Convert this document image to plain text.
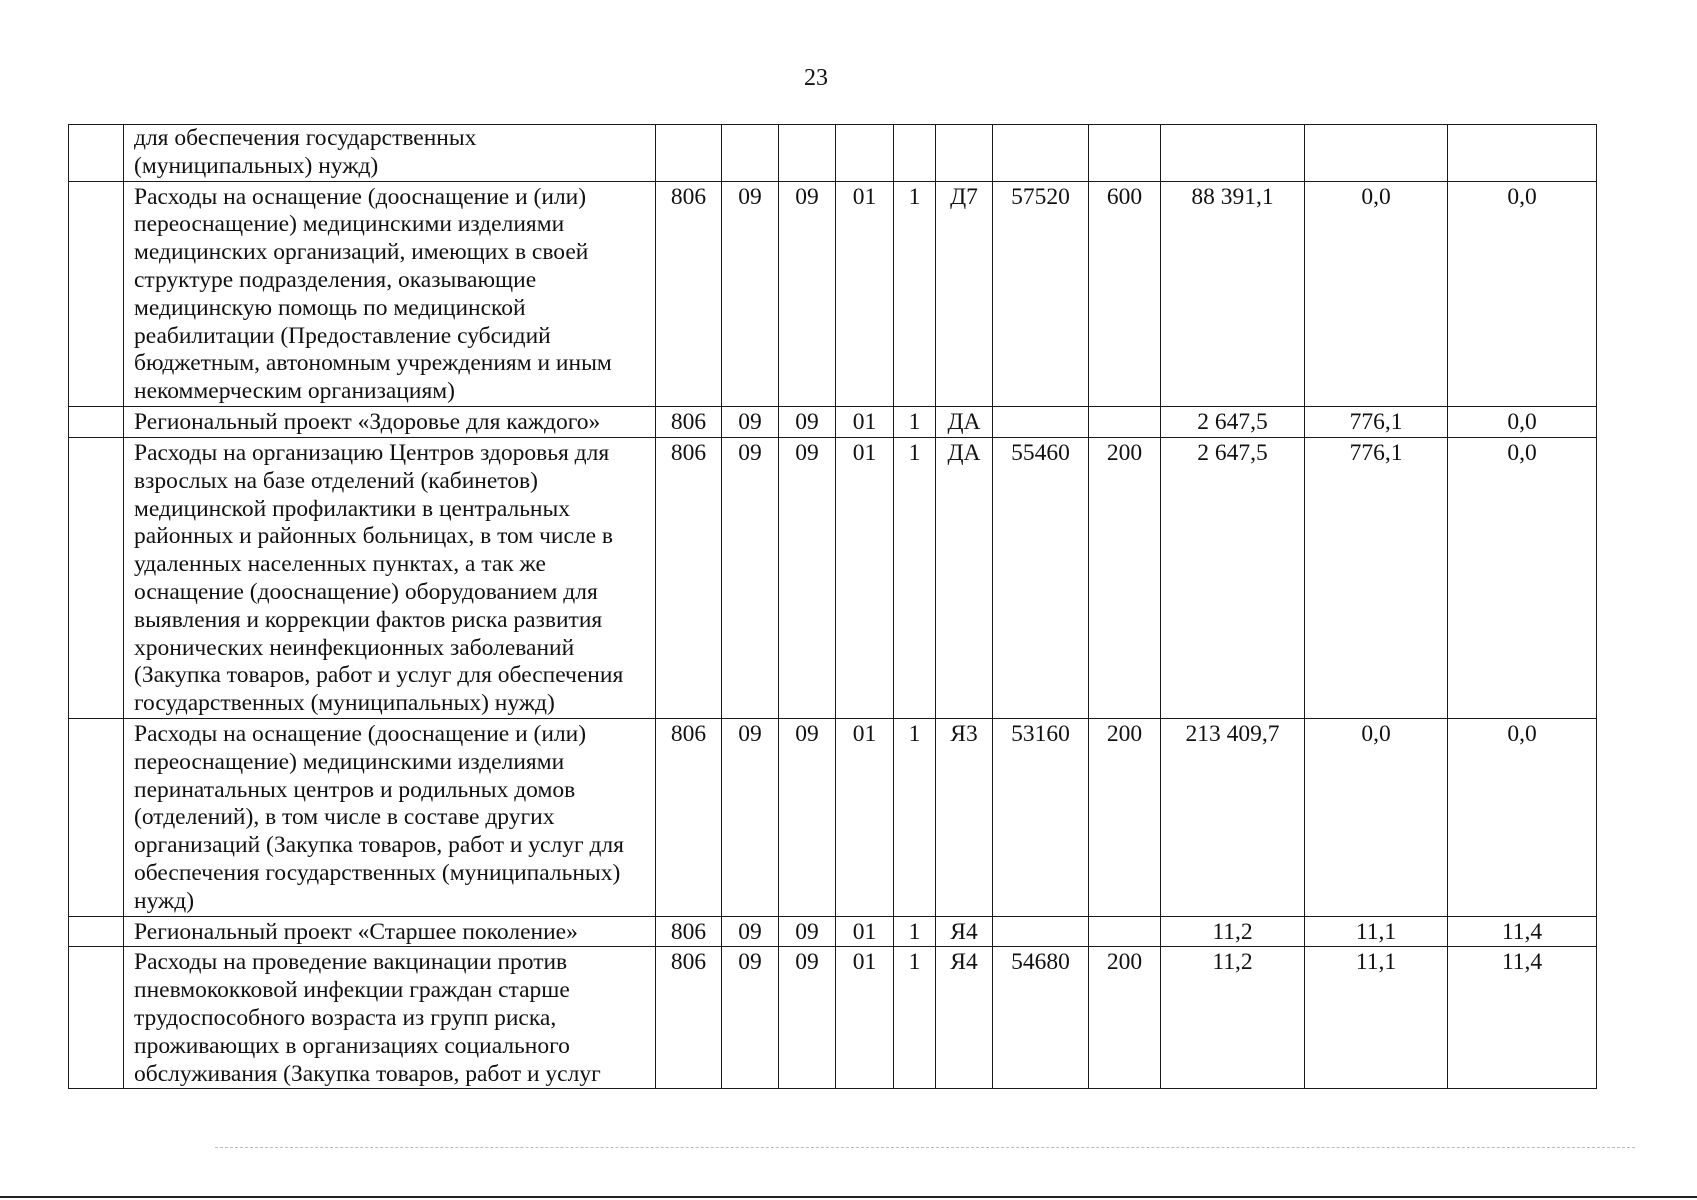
23
	для обеспечения государственных (муниципальных) нужд)											
	Расходы на оснащение (дооснащение и (или) переоснащение) медицинскими изделиями медицинских организаций, имеющих в своей структуре подразделения, оказывающие медицинскую помощь по медицинской реабилитации (Предоставление субсидий бюджетным, автономным учреждениям и иным некоммерческим организациям)	806	09	09	01	1	Д7	57520	600	88 391,1	0,0	0,0
	Региональный проект «Здоровье для каждого»	806	09	09	01	1	ДА			2 647,5	776,1	0,0
	Расходы на организацию Центров здоровья для взрослых на базе отделений (кабинетов) медицинской профилактики в центральных районных и районных больницах, в том числе в удаленных населенных пунктах, а так же оснащение (дооснащение) оборудованием для выявления и коррекции фактов риска развития хронических неинфекционных заболеваний (Закупка товаров, работ и услуг для обеспечения государственных (муниципальных) нужд)	806	09	09	01	1	ДА	55460	200	2 647,5	776,1	0,0
	Расходы на оснащение (дооснащение и (или) переоснащение) медицинскими изделиями перинатальных центров и родильных домов (отделений), в том числе в составе других организаций (Закупка товаров, работ и услуг для обеспечения государственных (муниципальных) нужд)	806	09	09	01	1	Я3	53160	200	213 409,7	0,0	0,0
	Региональный проект «Старшее поколение»	806	09	09	01	1	Я4			11,2	11,1	11,4
	Расходы на проведение вакцинации против пневмококковой инфекции граждан старше трудоспособного возраста из групп риска, проживающих в организациях социального обслуживания (Закупка товаров, работ и услуг	806	09	09	01	1	Я4	54680	200	11,2	11,1	11,4
